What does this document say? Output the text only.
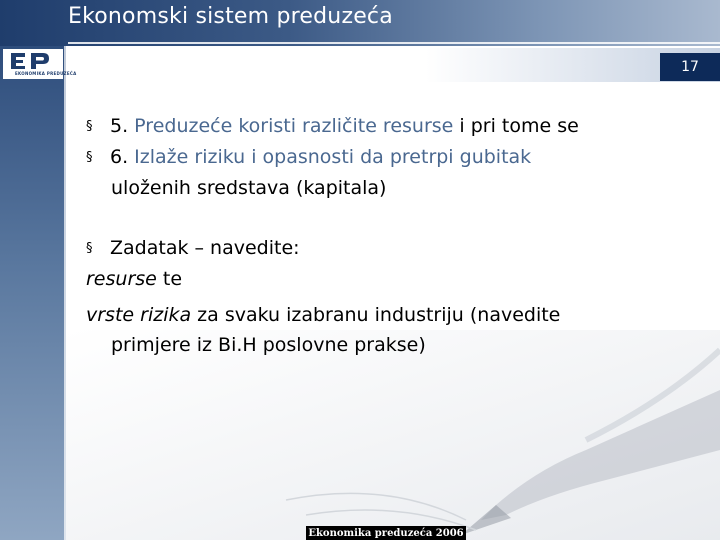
Ekonomski sistem preduzeća
17
EKONOMIKA PREDUZEĆA
§ 5. Preduzeće koristi različite resurse i pri tome se
§ 6. Izlaže riziku i opasnosti da pretrpi gubitak
uloženih sredstava (kapitala)
§ Zadatak – navedite:
resurse te
vrste rizika za svaku izabranu industriju (navedite
primjere iz Bi.H poslovne prakse)
Ekonomika preduzeća 2006
